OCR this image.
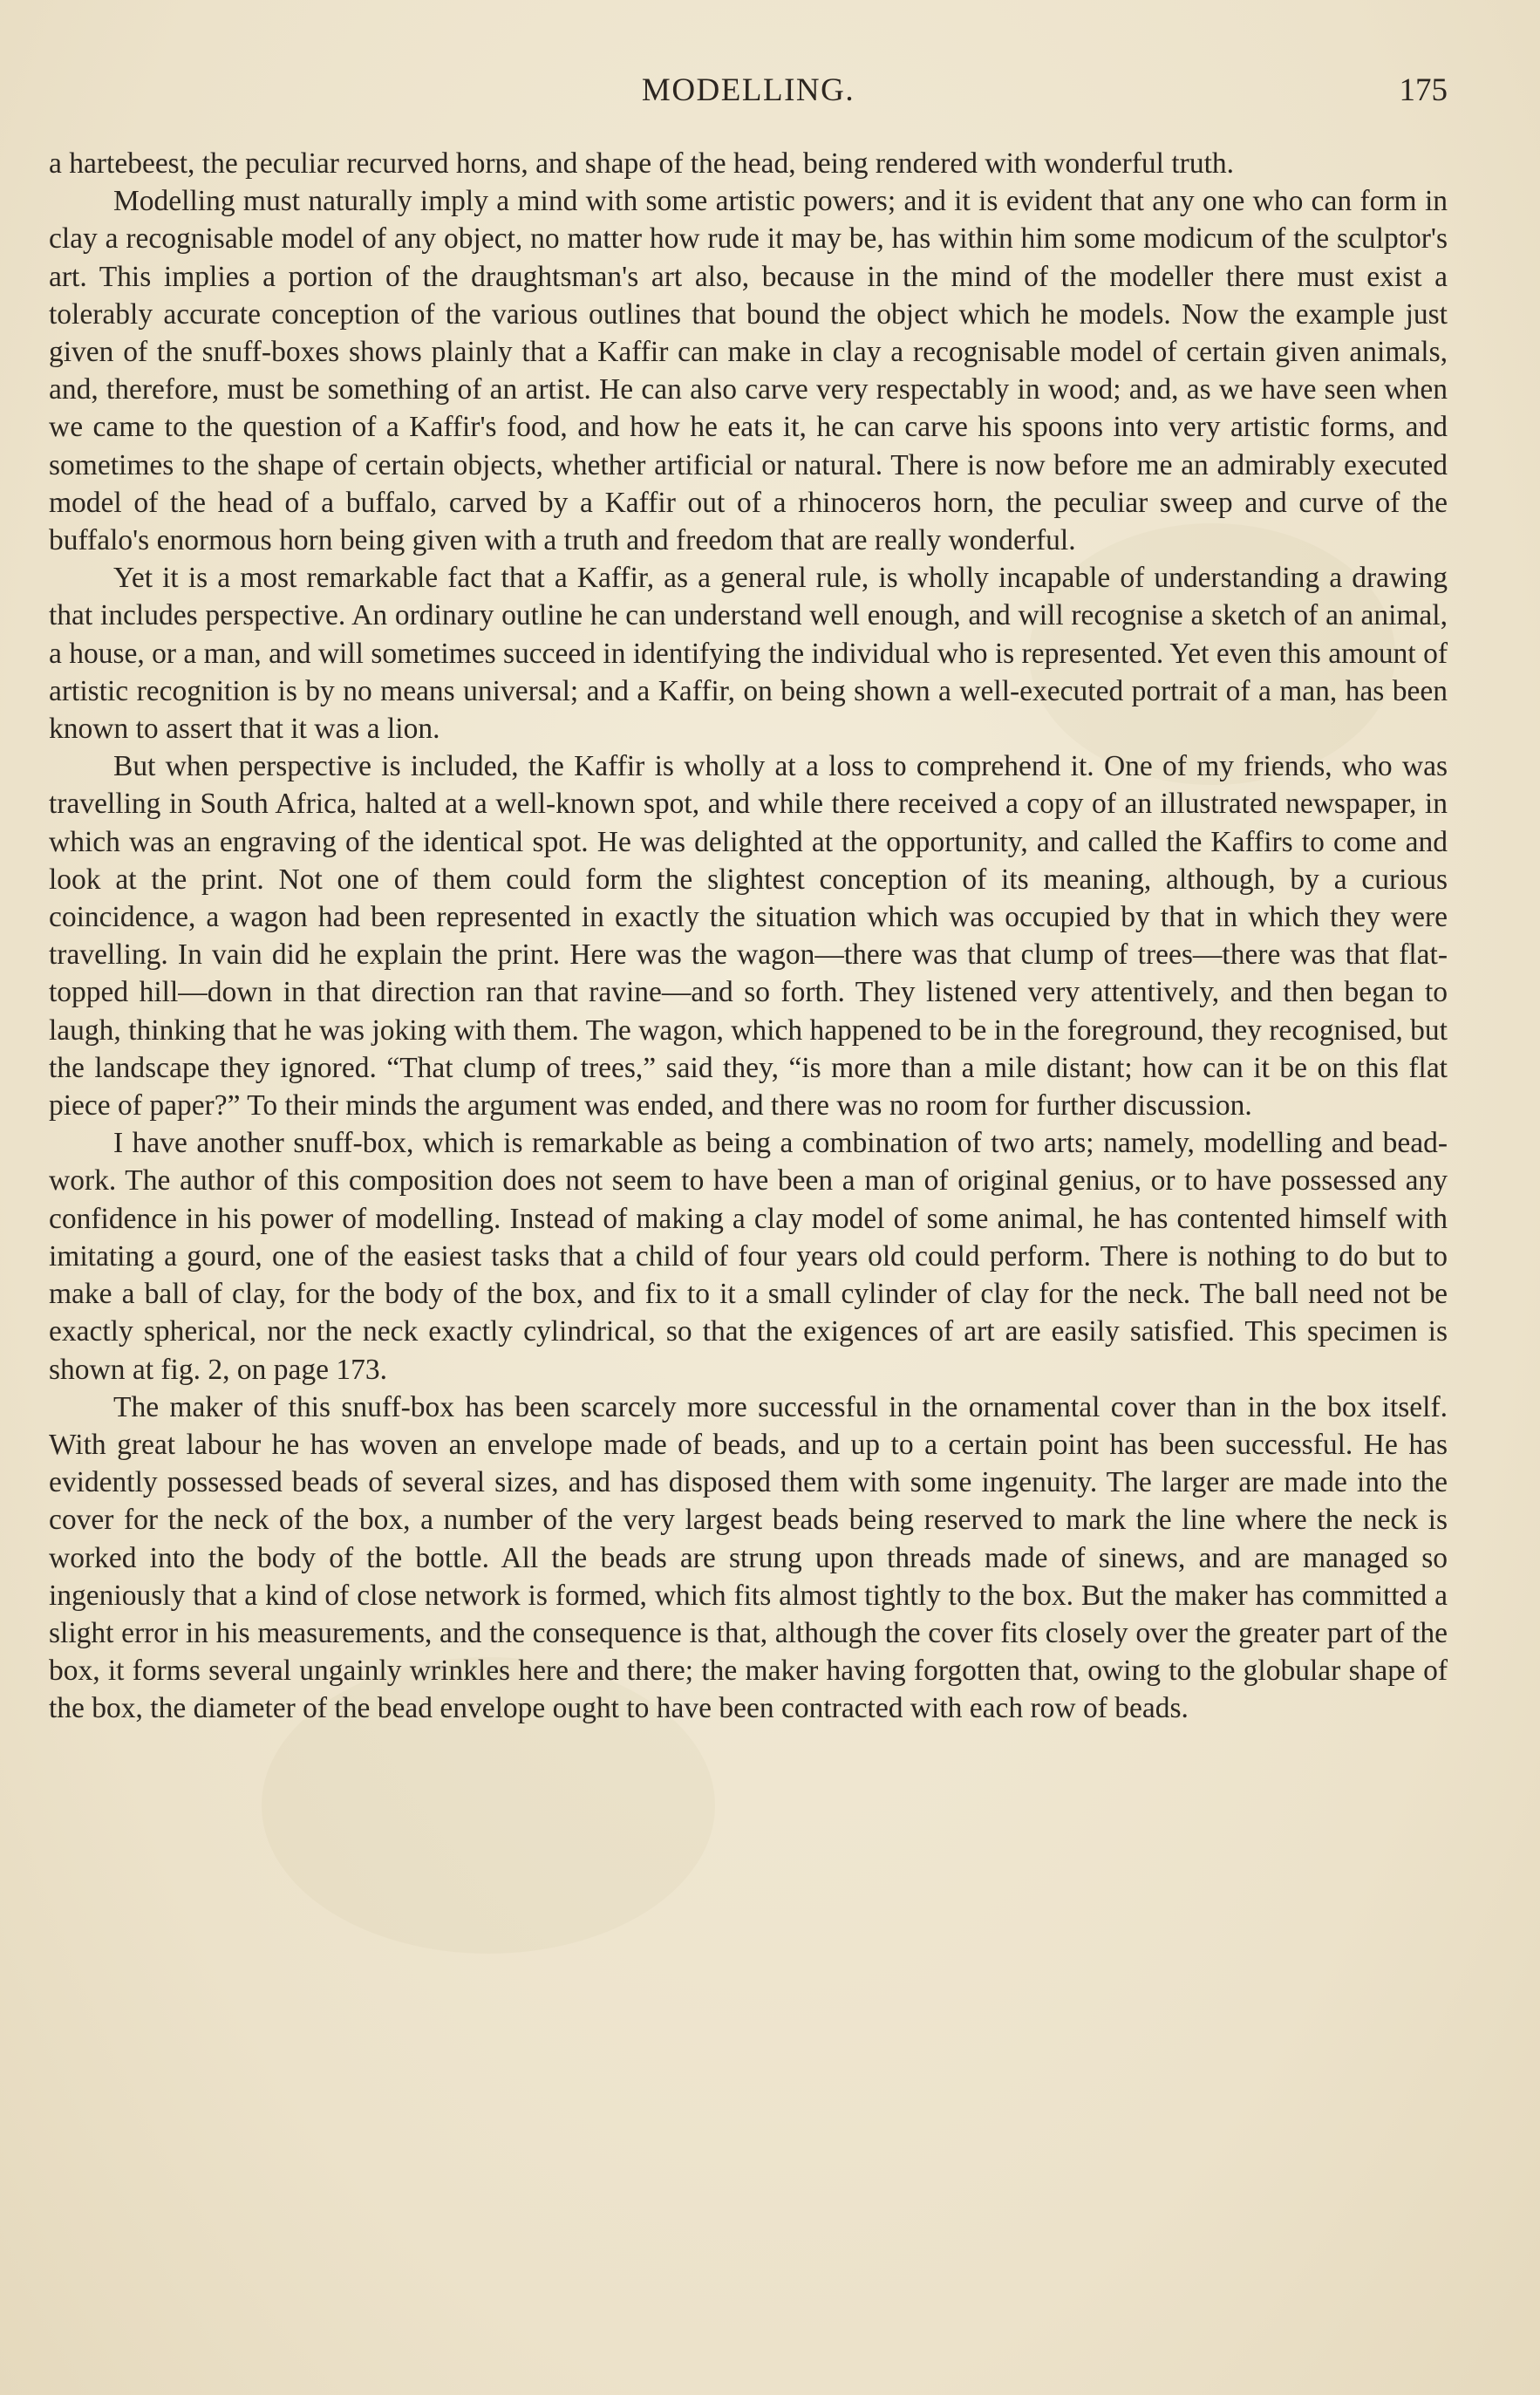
MODELLING.	175

a hartebeest, the peculiar recurved horns, and shape of the head, being rendered with wonderful truth.

Modelling must naturally imply a mind with some artistic powers; and it is evident that any one who can form in clay a recognisable model of any object, no matter how rude it may be, has within him some modicum of the sculptor's art. This implies a portion of the draughtsman's art also, because in the mind of the modeller there must exist a tolerably accurate conception of the various outlines that bound the object which he models. Now the example just given of the snuff-boxes shows plainly that a Kaffir can make in clay a recognisable model of certain given animals, and, therefore, must be something of an artist. He can also carve very respectably in wood; and, as we have seen when we came to the question of a Kaffir's food, and how he eats it, he can carve his spoons into very artistic forms, and sometimes to the shape of certain objects, whether artificial or natural. There is now before me an admirably executed model of the head of a buffalo, carved by a Kaffir out of a rhinoceros horn, the peculiar sweep and curve of the buffalo's enormous horn being given with a truth and freedom that are really wonderful.

Yet it is a most remarkable fact that a Kaffir, as a general rule, is wholly incapable of understanding a drawing that includes perspective. An ordinary outline he can understand well enough, and will recognise a sketch of an animal, a house, or a man, and will sometimes succeed in identifying the individual who is represented. Yet even this amount of artistic recognition is by no means universal; and a Kaffir, on being shown a well-executed portrait of a man, has been known to assert that it was a lion.

But when perspective is included, the Kaffir is wholly at a loss to comprehend it. One of my friends, who was travelling in South Africa, halted at a well-known spot, and while there received a copy of an illustrated newspaper, in which was an engraving of the identical spot. He was delighted at the opportunity, and called the Kaffirs to come and look at the print. Not one of them could form the slightest conception of its meaning, although, by a curious coincidence, a wagon had been represented in exactly the situation which was occupied by that in which they were travelling. In vain did he explain the print. Here was the wagon—there was that clump of trees—there was that flat-topped hill—down in that direction ran that ravine—and so forth. They listened very attentively, and then began to laugh, thinking that he was joking with them. The wagon, which happened to be in the foreground, they recognised, but the landscape they ignored. “That clump of trees,” said they, “is more than a mile distant; how can it be on this flat piece of paper?” To their minds the argument was ended, and there was no room for further discussion.

I have another snuff-box, which is remarkable as being a combination of two arts; namely, modelling and bead-work. The author of this composition does not seem to have been a man of original genius, or to have possessed any confidence in his power of modelling. Instead of making a clay model of some animal, he has contented himself with imitating a gourd, one of the easiest tasks that a child of four years old could perform. There is nothing to do but to make a ball of clay, for the body of the box, and fix to it a small cylinder of clay for the neck. The ball need not be exactly spherical, nor the neck exactly cylindrical, so that the exigences of art are easily satisfied. This specimen is shown at fig. 2, on page 173.

The maker of this snuff-box has been scarcely more successful in the ornamental cover than in the box itself. With great labour he has woven an envelope made of beads, and up to a certain point has been successful. He has evidently possessed beads of several sizes, and has disposed them with some ingenuity. The larger are made into the cover for the neck of the box, a number of the very largest beads being reserved to mark the line where the neck is worked into the body of the bottle. All the beads are strung upon threads made of sinews, and are managed so ingeniously that a kind of close network is formed, which fits almost tightly to the box. But the maker has committed a slight error in his measurements, and the consequence is that, although the cover fits closely over the greater part of the box, it forms several ungainly wrinkles here and there; the maker having forgotten that, owing to the globular shape of the box, the diameter of the bead envelope ought to have been contracted with each row of beads.
